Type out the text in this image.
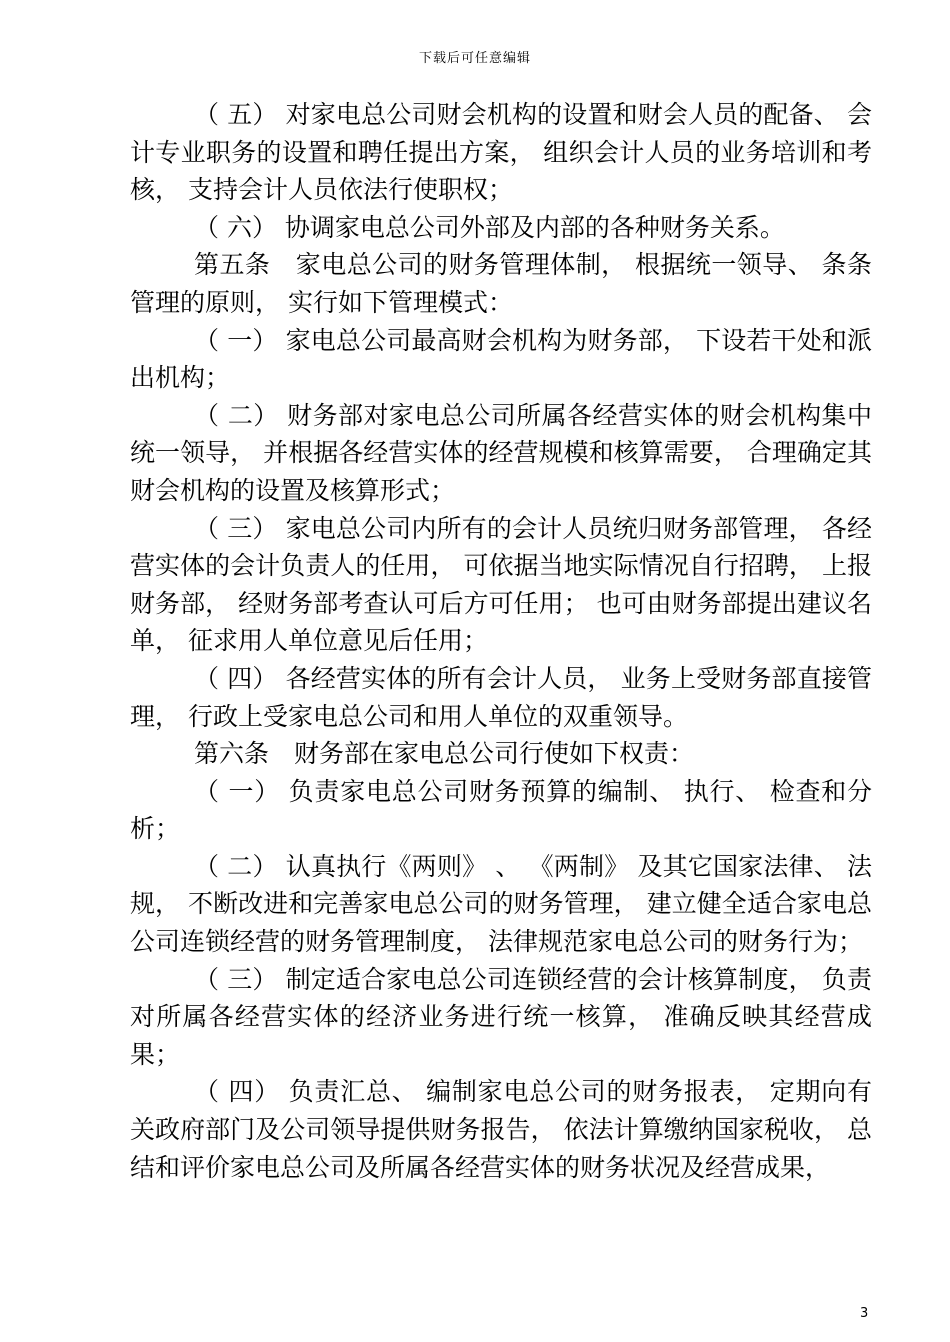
下载后可任意编辑

（ 五） 对家电总公司财会机构的设置和财会人员的配备、 会计专业职务的设置和聘任提出方案， 组织会计人员的业务培训和考核， 支持会计人员依法行使职权；

（ 六） 协调家电总公司外部及内部的各种财务关系。

第五条　家电总公司的财务管理体制， 根据统一领导、 条条管理的原则， 实行如下管理模式：

（ 一） 家电总公司最高财会机构为财务部， 下设若干处和派出机构；

（ 二） 财务部对家电总公司所属各经营实体的财会机构集中统一领导， 并根据各经营实体的经营规模和核算需要， 合理确定其财会机构的设置及核算形式；

（ 三） 家电总公司内所有的会计人员统归财务部管理， 各经营实体的会计负责人的任用， 可依据当地实际情况自行招聘， 上报财务部， 经财务部考查认可后方可任用； 也可由财务部提出建议名单， 征求用人单位意见后任用；

（ 四） 各经营实体的所有会计人员， 业务上受财务部直接管理， 行政上受家电总公司和用人单位的双重领导。

第六条　财务部在家电总公司行使如下权责：

（ 一） 负责家电总公司财务预算的编制、 执行、 检查和分析；

（ 二） 认真执行《两则》 、 《两制》 及其它国家法律、 法规， 不断改进和完善家电总公司的财务管理， 建立健全适合家电总公司连锁经营的财务管理制度， 法律规范家电总公司的财务行为；

（ 三） 制定适合家电总公司连锁经营的会计核算制度， 负责对所属各经营实体的经济业务进行统一核算， 准确反映其经营成果；

（ 四） 负责汇总、 编制家电总公司的财务报表， 定期向有关政府部门及公司领导提供财务报告， 依法计算缴纳国家税收， 总结和评价家电总公司及所属各经营实体的财务状况及经营成果，

3
